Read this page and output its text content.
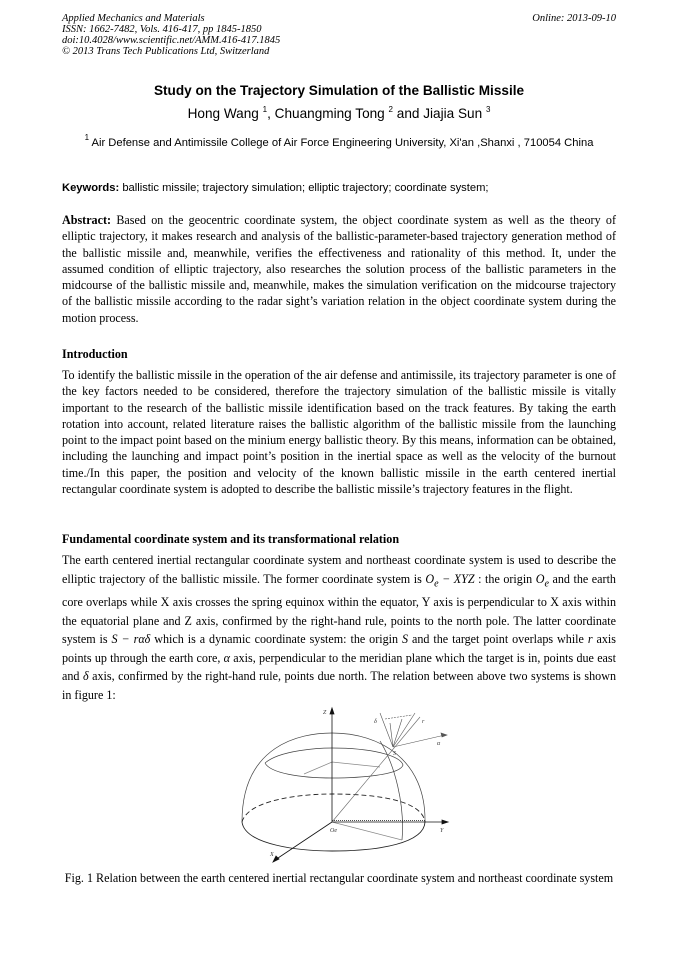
Applied Mechanics and Materials
ISSN: 1662-7482, Vols. 416-417, pp 1845-1850
doi:10.4028/www.scientific.net/AMM.416-417.1845
© 2013 Trans Tech Publications Ltd, Switzerland
Online: 2013-09-10
Study on the Trajectory Simulation of the Ballistic Missile
Hong Wang $^1$, Chuangming Tong $^2$ and Jiajia Sun $^3$
$^1$ Air Defense and Antimissile College of Air Force Engineering University, Xi'an ,Shanxi , 710054 China
Keywords: ballistic missile; trajectory simulation; elliptic trajectory; coordinate system;
Abstract: Based on the geocentric coordinate system, the object coordinate system as well as the theory of elliptic trajectory, it makes research and analysis of the ballistic-parameter-based trajectory generation method of the ballistic missile and, meanwhile, verifies the effectiveness and rationality of this method. It, under the assumed condition of elliptic trajectory, also researches the solution process of the ballistic parameters in the midcourse of the ballistic missile and, meanwhile, makes the simulation verification on the midcourse trajectory of the ballistic missile according to the radar sight’s variation relation in the object coordinate system during the motion process.
Introduction
To identify the ballistic missile in the operation of the air defense and antimissile, its trajectory parameter is one of the key factors needed to be considered, therefore the trajectory simulation of the ballistic missile is vitally important to the research of the ballistic missile identification based on the track features. By taking the earth rotation into account, related literature raises the ballistic algorithm of the ballistic missile from the launching point to the impact point based on the minium energy ballistic theory. By this means, information can be obtained, including the launching and impact point’s position in the inertial space as well as the velocity of the burnout time./In this paper, the position and velocity of the known ballistic missile in the earth centered inertial rectangular coordinate system is adopted to describe the ballistic missile’s trajectory features in the flight.
Fundamental coordinate system and its transformational relation
The earth centered inertial rectangular coordinate system and northeast coordinate system is used to describe the elliptic trajectory of the ballistic missile. The former coordinate system is $O_e$ − XYZ : the origin $O_e$ and the earth core overlaps while X axis crosses the spring equinox within the equator, Y axis is perpendicular to X axis within the equatorial plane and Z axis, confirmed by the right-hand rule, points to the north pole. The latter coordinate system is S − rαδ which is a dynamic coordinate system: the origin S and the target point overlaps while r axis points up through the earth core, α axis, perpendicular to the meridian plane which the target is in, points due east and δ axis, confirmed by the right-hand rule, points due north. The relation between above two systems is shown in figure 1:
Z
Y
X
Oe
S
r
α
δ
Fig. 1 Relation between the earth centered inertial rectangular coordinate system and northeast coordinate system
